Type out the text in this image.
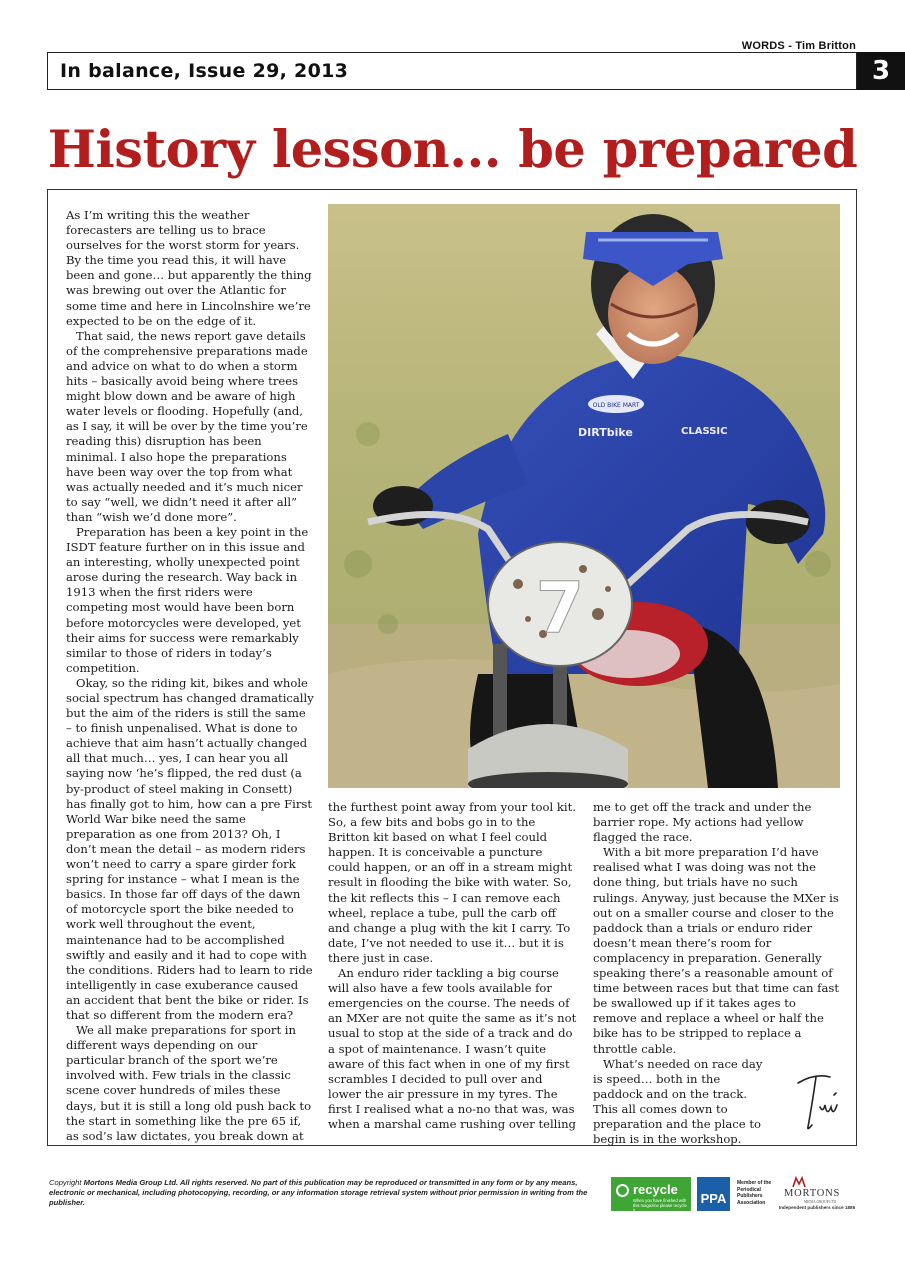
WORDS - Tim Britton
In balance, Issue 29, 2013	3
History lesson... be prepared

As I’m writing this the weather forecasters are telling us to brace ourselves for the worst storm for years. By the time you read this, it will have been and gone… but apparently the thing was brewing out over the Atlantic for some time and here in Lincolnshire we’re expected to be on the edge of it.

That said, the news report gave details of the comprehensive preparations made and advice on what to do when a storm hits – basically avoid being where trees might blow down and be aware of high water levels or flooding. Hopefully (and, as I say, it will be over by the time you’re reading this) disruption has been minimal. I also hope the preparations have been way over the top from what was actually needed and it’s much nicer to say “well, we didn’t need it after all” than “wish we’d done more”.

Preparation has been a key point in the ISDT feature further on in this issue and an interesting, wholly unexpected point arose during the research. Way back in 1913 when the first riders were competing most would have been born before motorcycles were developed, yet their aims for success were remarkably similar to those of riders in today’s competition.

Okay, so the riding kit, bikes and whole social spectrum has changed dramatically but the aim of the riders is still the same – to finish unpenalised. What is done to achieve that aim hasn’t actually changed all that much… yes, I can hear you all saying now ‘he’s flipped, the red dust (a by-product of steel making in Consett) has finally got to him, how can a pre First World War bike need the same preparation as one from 2013? Oh, I don’t mean the detail – as modern riders won’t need to carry a spare girder fork spring for instance – what I mean is the basics. In those far off days of the dawn of motorcycle sport the bike needed to work well throughout the event, maintenance had to be accomplished swiftly and easily and it had to cope with the conditions. Riders had to learn to ride intelligently in case exuberance caused an accident that bent the bike or rider. Is that so different from the modern era?

We all make preparations for sport in different ways depending on our particular branch of the sport we’re involved with. Few trials in the classic scene cover hundreds of miles these days, but it is still a long old push back to the start in something like the pre 65 if, as sod’s law dictates, you break down at

OLD BIKE MART
DIRTbike	CLASSIC
7

the furthest point away from your tool kit. So, a few bits and bobs go in to the Britton kit based on what I feel could happen. It is conceivable a puncture could happen, or an off in a stream might result in flooding the bike with water. So, the kit reflects this – I can remove each wheel, replace a tube, pull the carb off and change a plug with the kit I carry. To date, I’ve not needed to use it… but it is there just in case.

An enduro rider tackling a big course will also have a few tools available for emergencies on the course. The needs of an MXer are not quite the same as it’s not usual to stop at the side of a track and do a spot of maintenance. I wasn’t quite aware of this fact when in one of my first scrambles I decided to pull over and lower the air pressure in my tyres. The first I realised what a no-no that was, was when a marshal came rushing over telling

me to get off the track and under the barrier rope. My actions had yellow flagged the race.

With a bit more preparation I’d have realised what I was doing was not the done thing, but trials have no such rulings. Anyway, just because the MXer is out on a smaller course and closer to the paddock than a trials or enduro rider doesn’t mean there’s room for complacency in preparation. Generally speaking there’s a reasonable amount of time between races but that time can fast be swallowed up if it takes ages to remove and replace a wheel or half the bike has to be stripped to replace a throttle cable.

What’s needed on race day is speed… both in the paddock and on the track. This all comes down to preparation and the place to begin is in the workshop.

Copyright Mortons Media Group Ltd. All rights reserved. No part of this publication may be reproduced or transmitted in any form or by any means, electronic or mechanical, including photocopying, recording, or any information storage retrieval system without prior permission in writing from the publisher.
recycle
When you have finished with this magazine please recycle it
PPA
Member of the Periodical Publishers Association
MORTONS
MEDIA GROUP LTD
Independent publishers since 1885
